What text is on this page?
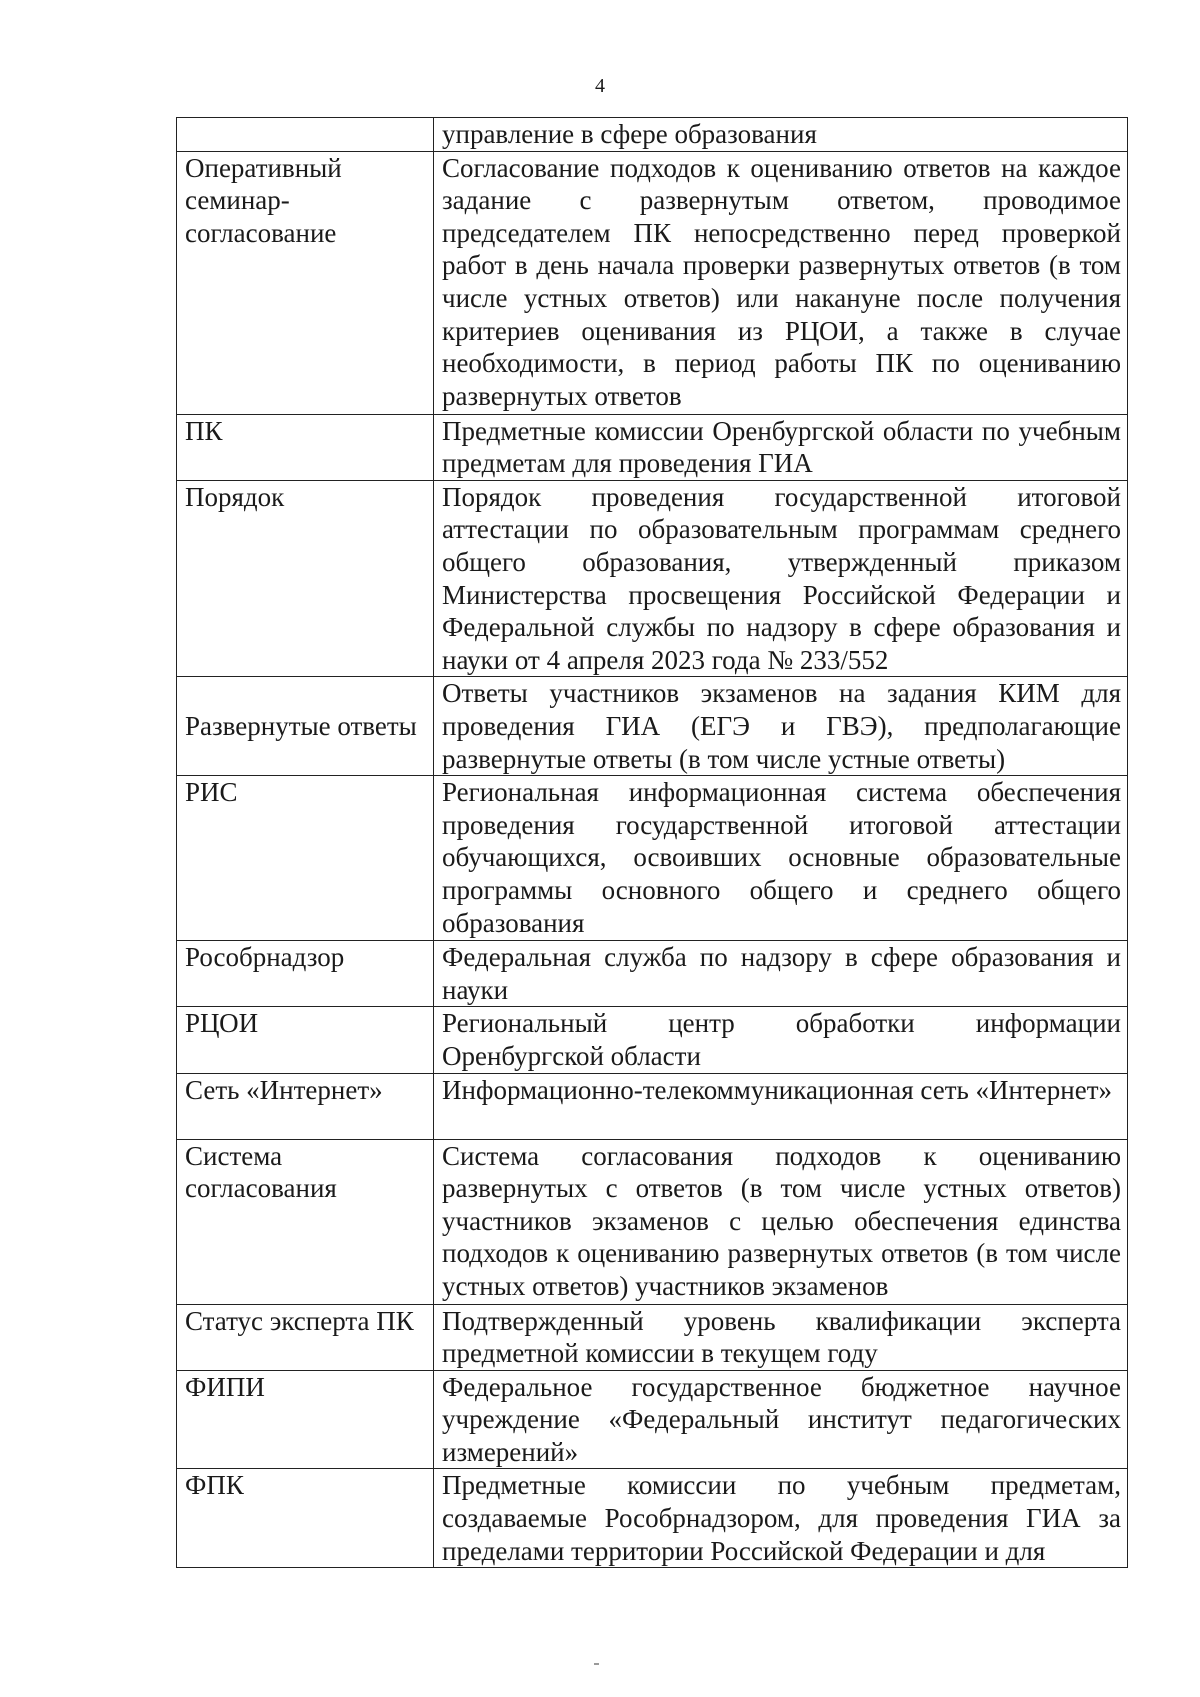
4
	управление в сфере образования
Оперативный семинар-согласование	Согласование подходов к оцениванию ответов на каждое задание с развернутым ответом, проводимое председателем ПК непосредственно перед проверкой работ в день начала проверки развернутых ответов (в том числе устных ответов) или накануне после получения критериев оценивания из РЦОИ, а также в случае необходимости, в период работы ПК по оцениванию развернутых ответов
ПК	Предметные комиссии Оренбургской области по учебным предметам для проведения ГИА
Порядок	Порядок проведения государственной итоговой аттестации по образовательным программам среднего общего образования, утвержденный приказом Министерства просвещения Российской Федерации и Федеральной службы по надзору в сфере образования и науки от 4 апреля 2023 года № 233/552
Развернутые ответы	Ответы участников экзаменов на задания КИМ для проведения ГИА (ЕГЭ и ГВЭ), предполагающие развернутые ответы (в том числе устные ответы)
РИС	Региональная информационная система обеспечения проведения государственной итоговой аттестации обучающихся, освоивших основные образовательные программы основного общего и среднего общего образования
Рособрнадзор	Федеральная служба по надзору в сфере образования и науки
РЦОИ	Региональный центр обработки информации Оренбургской области
Сеть «Интернет»	Информационно-телекоммуникационная сеть «Интернет»
Система согласования	Система согласования подходов к оцениванию развернутых с ответов (в том числе устных ответов) участников экзаменов с целью обеспечения единства подходов к оцениванию развернутых ответов (в том числе устных ответов) участников экзаменов
Статус эксперта ПК	Подтвержденный уровень квалификации эксперта предметной комиссии в текущем году
ФИПИ	Федеральное государственное бюджетное научное учреждение «Федеральный институт педагогических измерений»
ФПК	Предметные комиссии по учебным предметам, создаваемые Рособрнадзором, для проведения ГИА за пределами территории Российской Федерации и для
